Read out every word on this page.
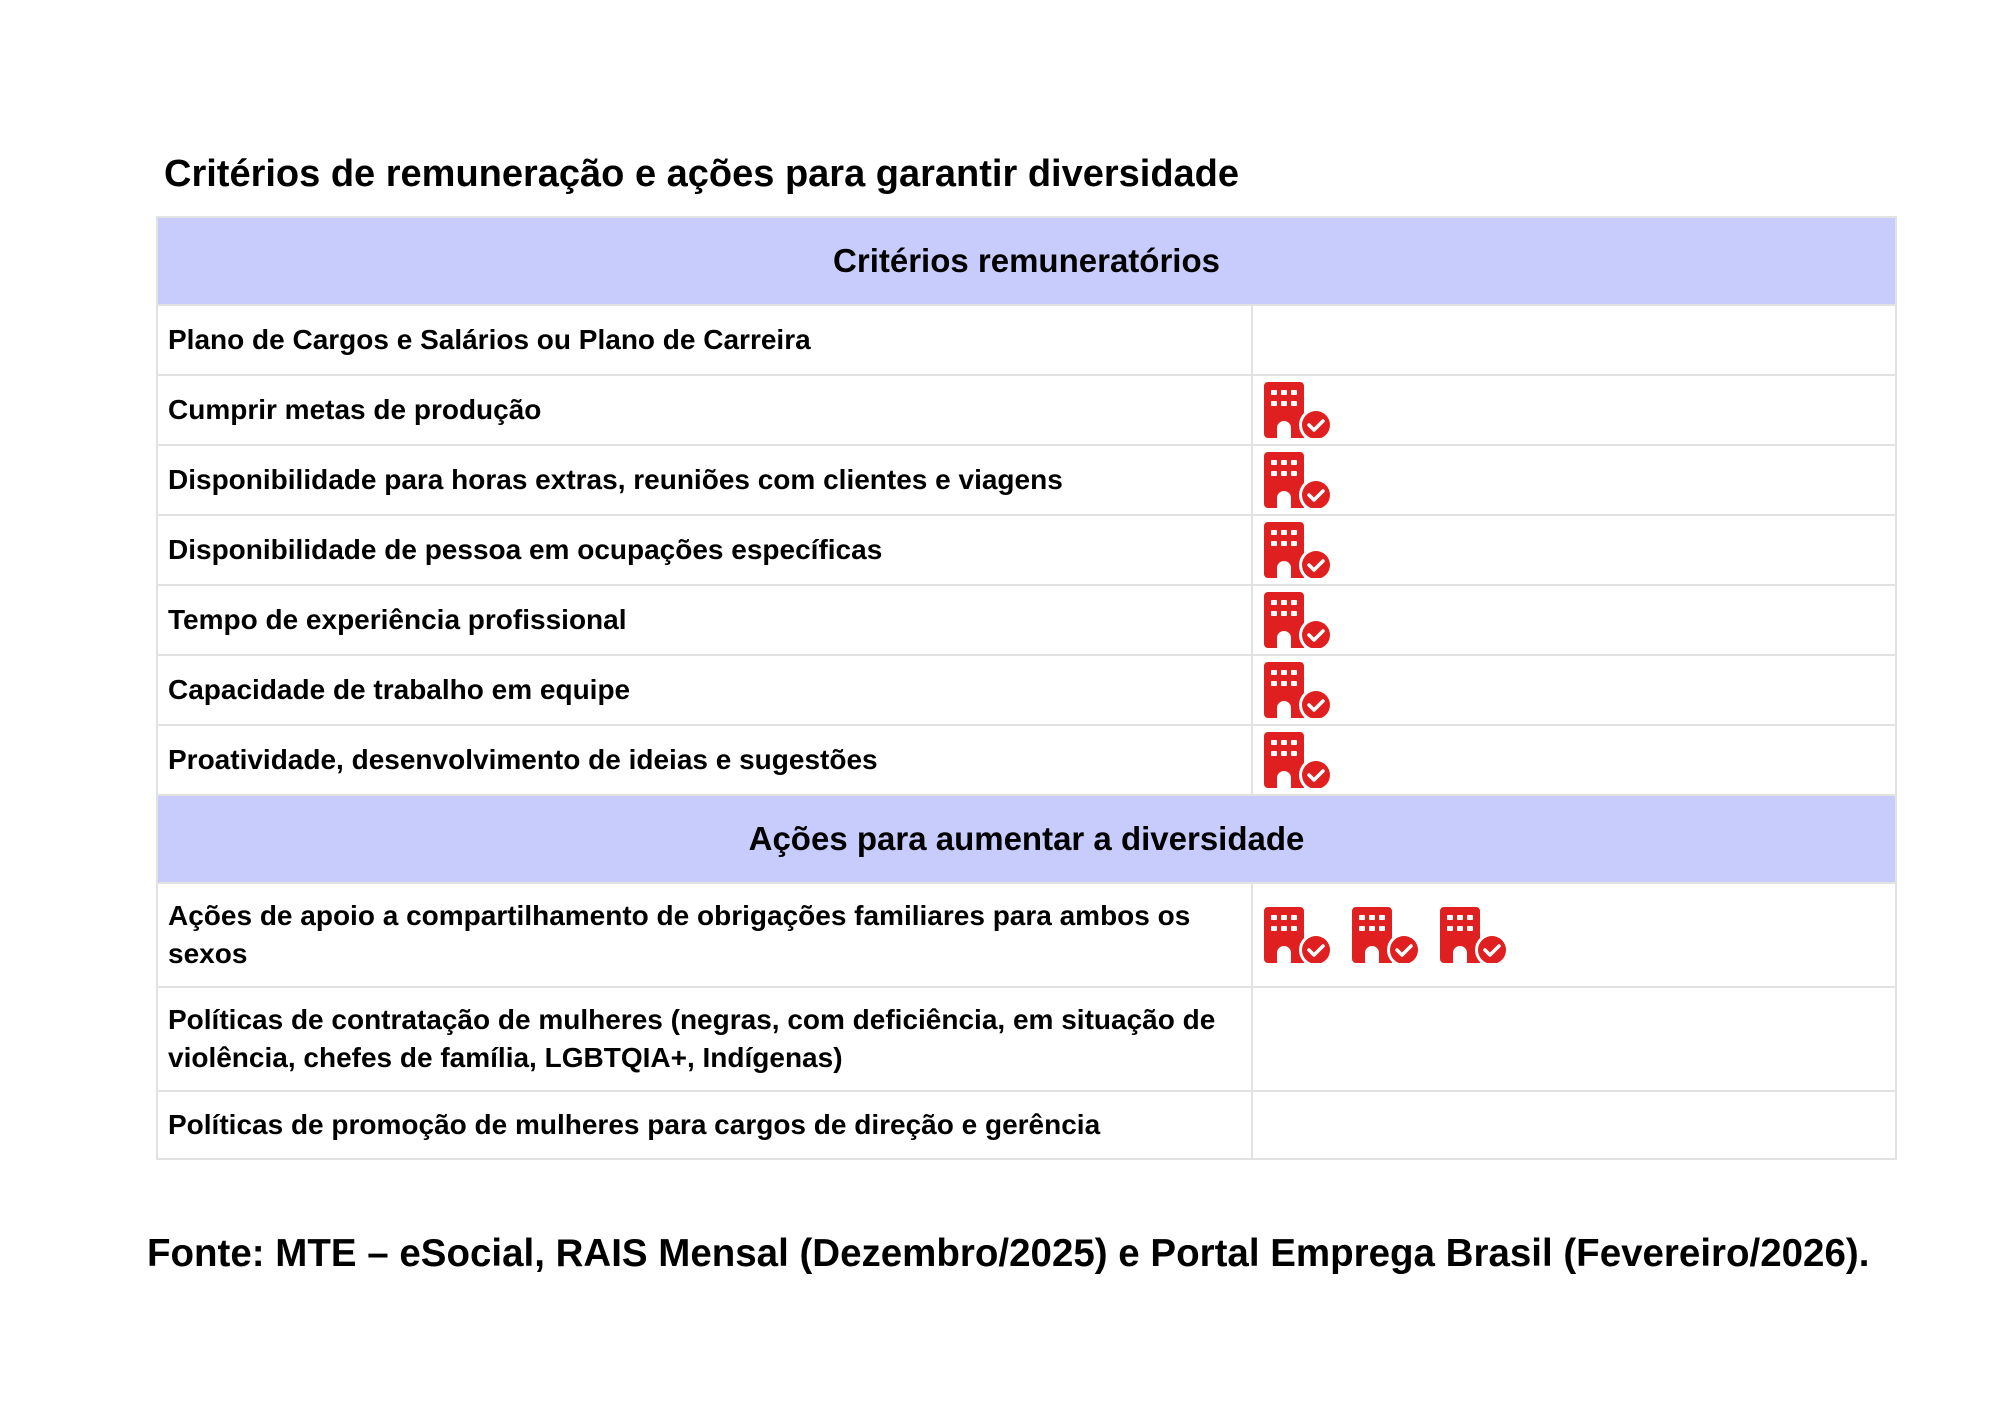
Critérios de remuneração e ações para garantir diversidade
Critérios remuneratórios
Plano de Cargos e Salários ou Plano de Carreira
Cumprir metas de produção
Disponibilidade para horas extras, reuniões com clientes e viagens
Disponibilidade de pessoa em ocupações específicas
Tempo de experiência profissional
Capacidade de trabalho em equipe
Proatividade, desenvolvimento de ideias e sugestões
Ações para aumentar a diversidade
Ações de apoio a compartilhamento de obrigações familiares para ambos os sexos
Políticas de contratação de mulheres (negras, com deficiência, em situação de violência, chefes de família, LGBTQIA+, Indígenas)
Políticas de promoção de mulheres para cargos de direção e gerência
Fonte: MTE – eSocial, RAIS Mensal (Dezembro/2025) e Portal Emprega Brasil (Fevereiro/2026).
